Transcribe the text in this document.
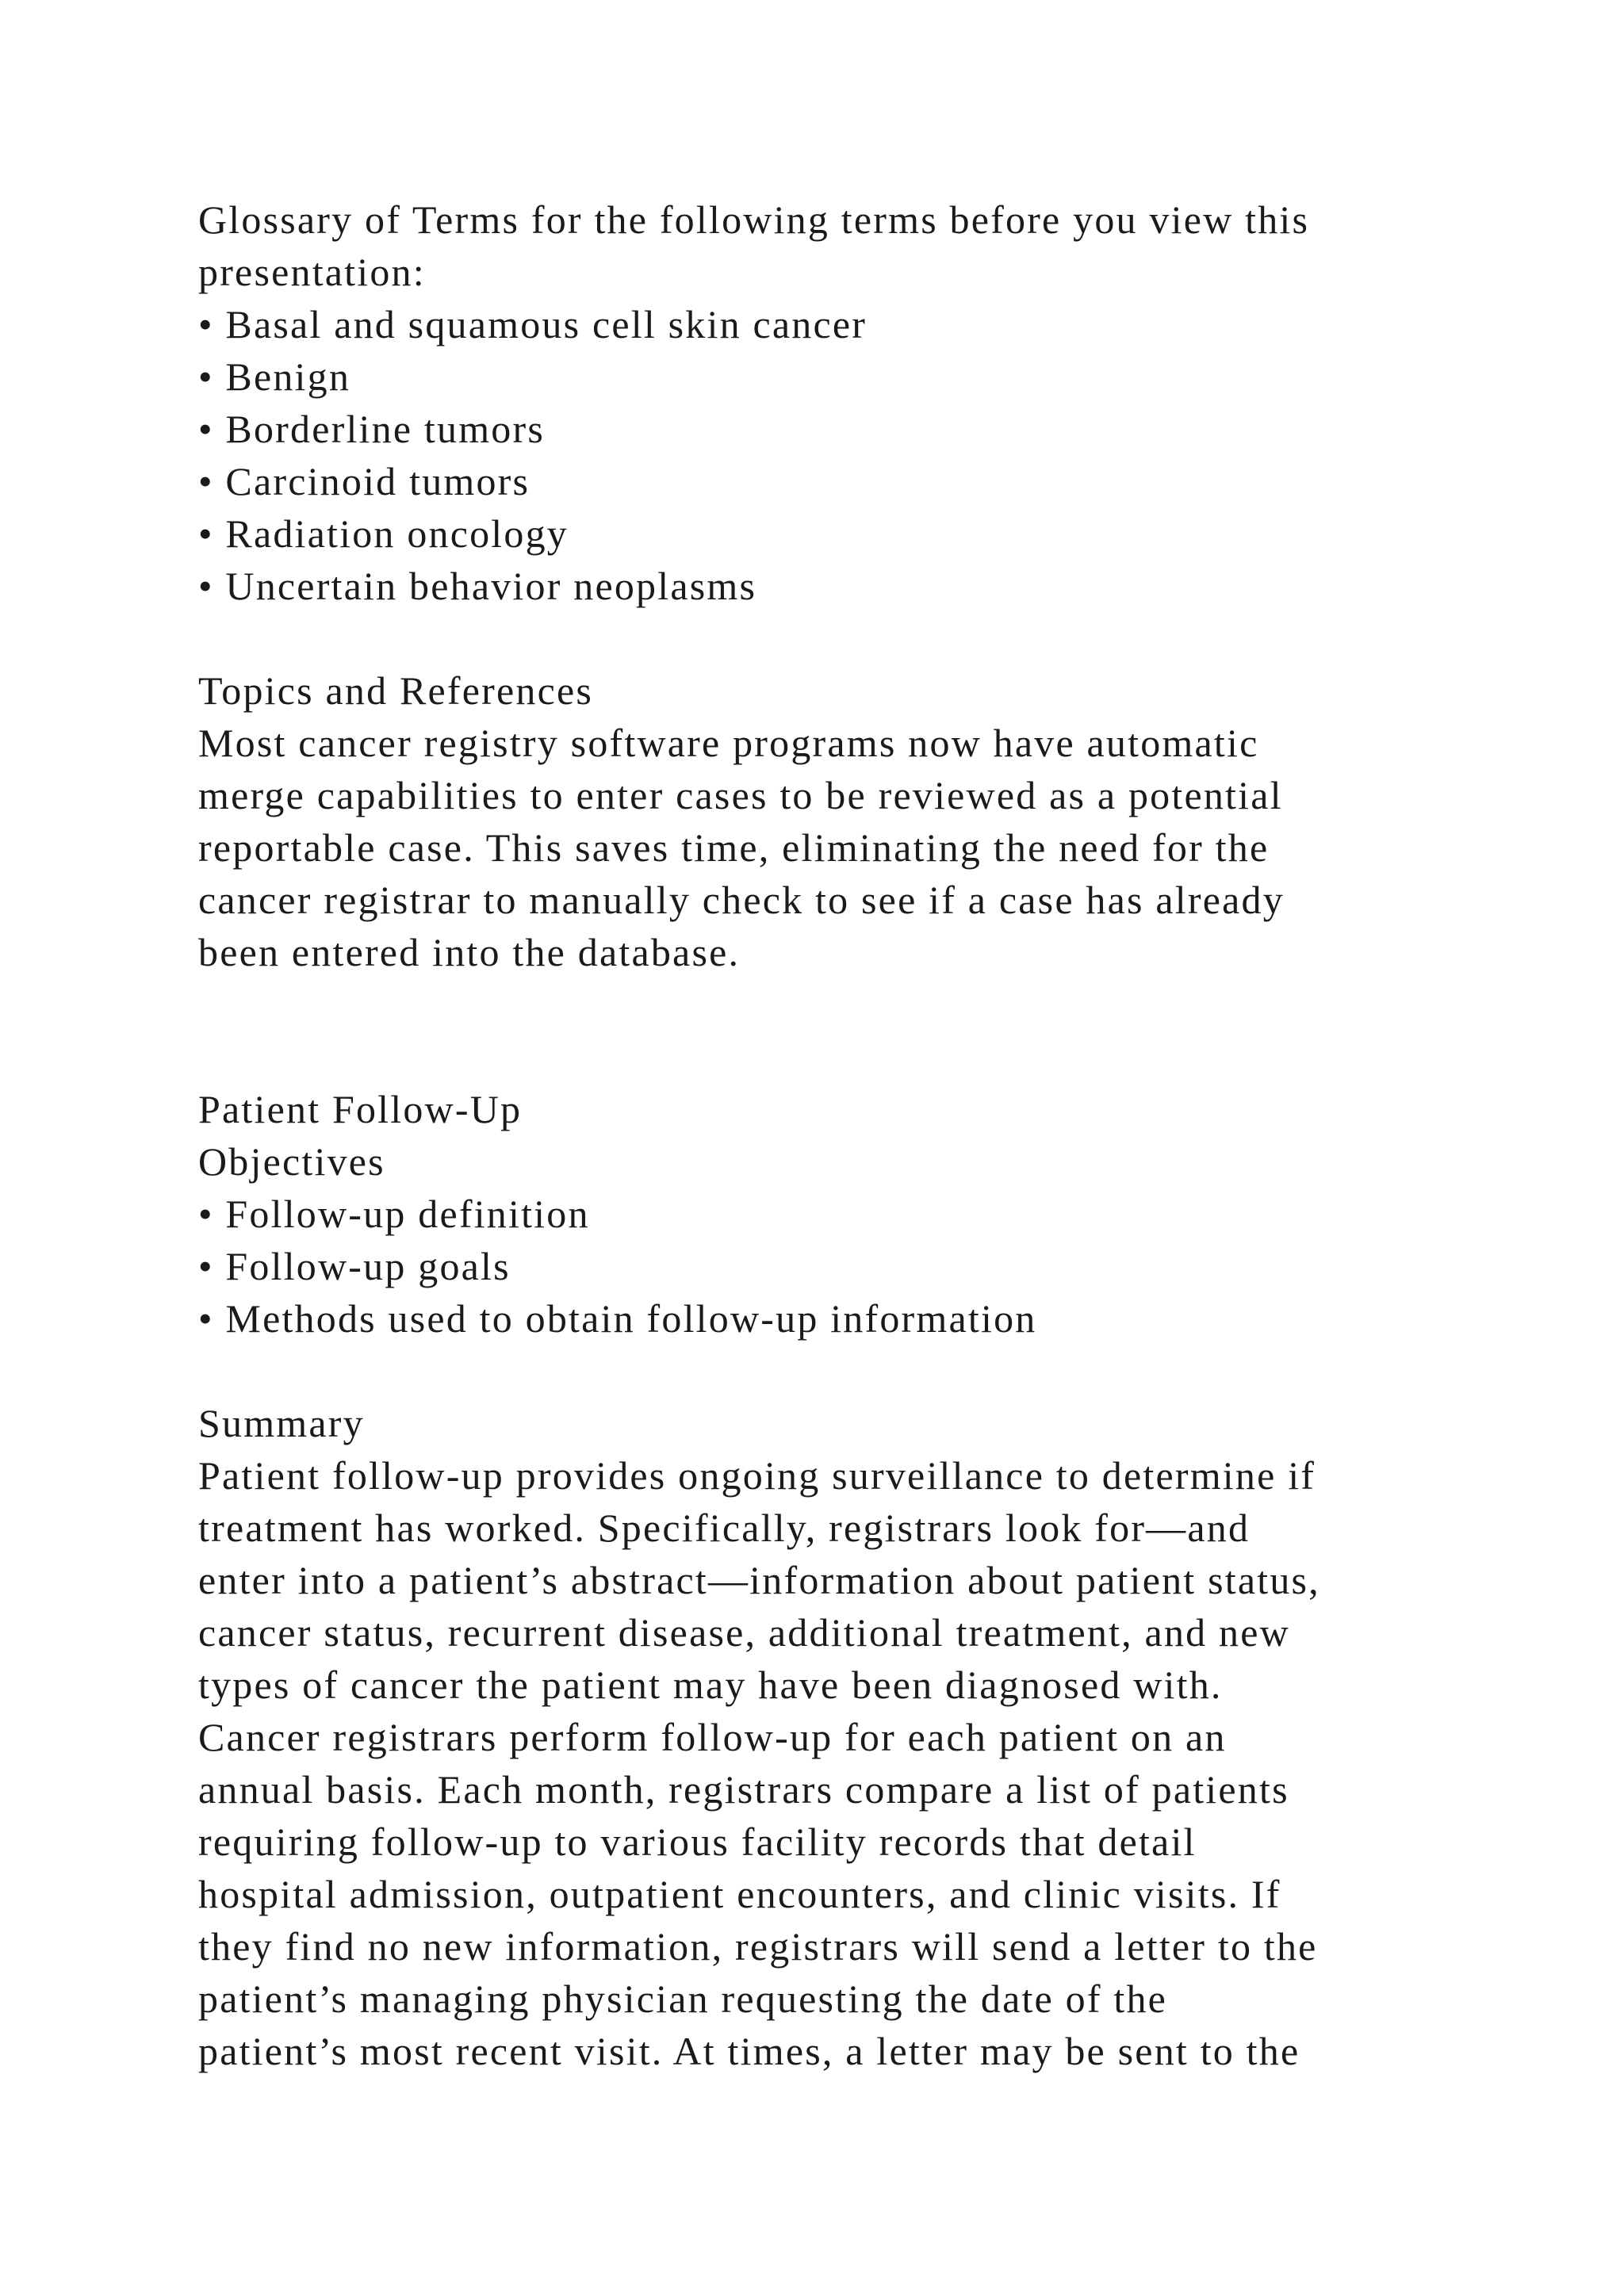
Glossary of Terms for the following terms before you view this
presentation:
• Basal and squamous cell skin cancer
• Benign
• Borderline tumors
• Carcinoid tumors
• Radiation oncology
• Uncertain behavior neoplasms
Topics and References
Most cancer registry software programs now have automatic
merge capabilities to enter cases to be reviewed as a potential
reportable case. This saves time, eliminating the need for the
cancer registrar to manually check to see if a case has already
been entered into the database.
Patient Follow-Up
Objectives
• Follow-up definition
• Follow-up goals
• Methods used to obtain follow-up information
Summary
Patient follow-up provides ongoing surveillance to determine if
treatment has worked. Specifically, registrars look for—and
enter into a patient’s abstract—information about patient status,
cancer status, recurrent disease, additional treatment, and new
types of cancer the patient may have been diagnosed with.
Cancer registrars perform follow-up for each patient on an
annual basis. Each month, registrars compare a list of patients
requiring follow-up to various facility records that detail
hospital admission, outpatient encounters, and clinic visits. If
they find no new information, registrars will send a letter to the
patient’s managing physician requesting the date of the
patient’s most recent visit. At times, a letter may be sent to the
